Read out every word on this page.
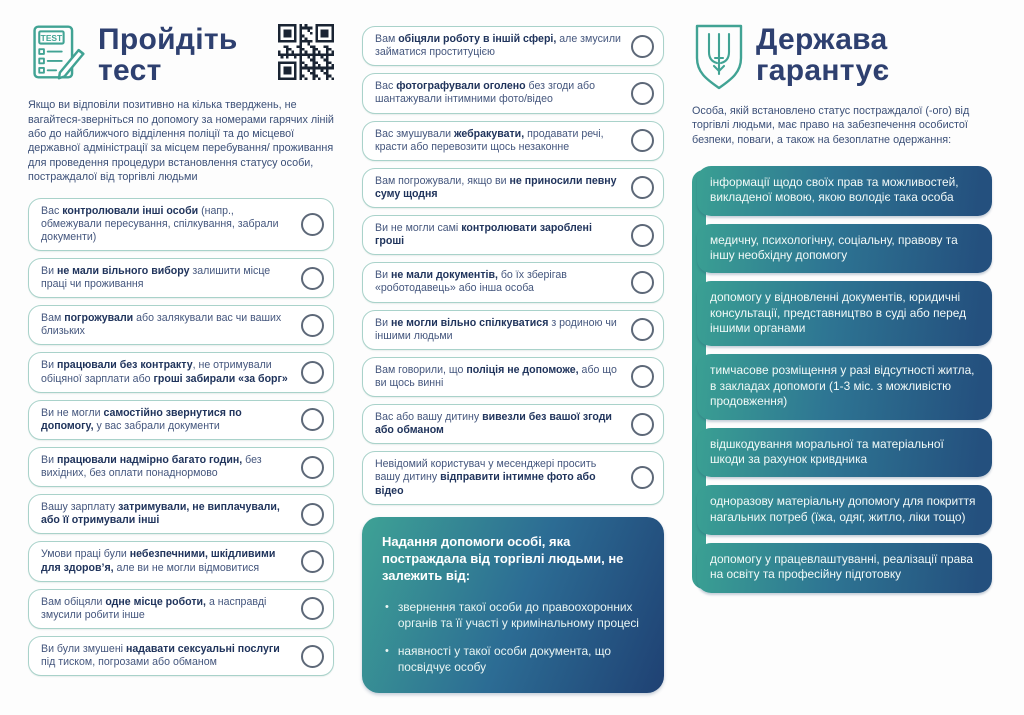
TEST Пройдіть
тест
Якщо ви відповіли позитивно на кілька тверджень, не вагайтеся-зверніться по допомогу за номерами гарячих ліній або до найближчого відділення поліції та до місцевої державної адміністрації за місцем перебування/ проживання для проведення процедури встановлення статусу особи, постраждалої від торгівлі людьми
Вас контролювали інші особи (напр., обмежували пересування, спілкування, забрали документи)
Ви не мали вільного вибору залишити місце праці чи проживання
Вам погрожували або залякували вас чи ваших близьких
Ви працювали без контракту, не отримували обіцяної зарплати або гроші забирали «за борг»
Ви не могли самостійно звернутися по допомогу, у вас забрали документи
Ви працювали надмірно багато годин, без вихідних, без оплати понаднормово
Вашу зарплату затримували, не виплачували, або її отримували інші
Умови праці були небезпечними, шкідливими для здоров’я, але ви не могли відмовитися
Вам обіцяли одне місце роботи, а насправді змусили робити інше
Ви були змушені надавати сексуальні послуги під тиском, погрозами або обманом
Вам обіцяли роботу в іншій сфері, але змусили займатися проституцією
Вас фотографували оголено без згоди або шантажували інтимними фото/відео
Вас змушували жебракувати, продавати речі, красти або перевозити щось незаконне
Вам погрожували, якщо ви не приносили певну суму щодня
Ви не могли самі контролювати зароблені гроші
Ви не мали документів, бо їх зберігав «роботодавець» або інша особа
Ви не могли вільно спілкуватися з родиною чи іншими людьми
Вам говорили, що поліція не допоможе, або що ви щось винні
Вас або вашу дитину вивезли без вашої згоди або обманом
Невідомий користувач у месенджері просить вашу дитину відправити інтимне фото або відео
Надання допомоги особі, яка постраждала від торгівлі людьми, не залежить від:
• звернення такої особи до правоохоронних органів та її участі у кримінальному процесі
• наявності у такої особи документа, що посвідчує особу
Держава
гарантує
Особа, якій встановлено статус постраждалої (-ого) від торгівлі людьми, має право на забезпечення особистої безпеки, поваги, а також на безоплатне одержання:
інформації щодо своїх прав та можливостей, викладеної мовою, якою володіє така особа
медичну, психологічну, соціальну, правову та іншу необхідну допомогу
допомогу у відновленні документів, юридичні консультації, представництво в суді або перед іншими органами
тимчасове розміщення у разі відсутності житла, в закладах допомоги (1-3 міс. з можливістю продовження)
відшкодування моральної та матеріальної шкоди за рахунок кривдника
одноразову матеріальну допомогу для покриття нагальних потреб (їжа, одяг, житло, ліки тощо)
допомогу у працевлаштуванні, реалізації права на освіту та професійну підготовку
